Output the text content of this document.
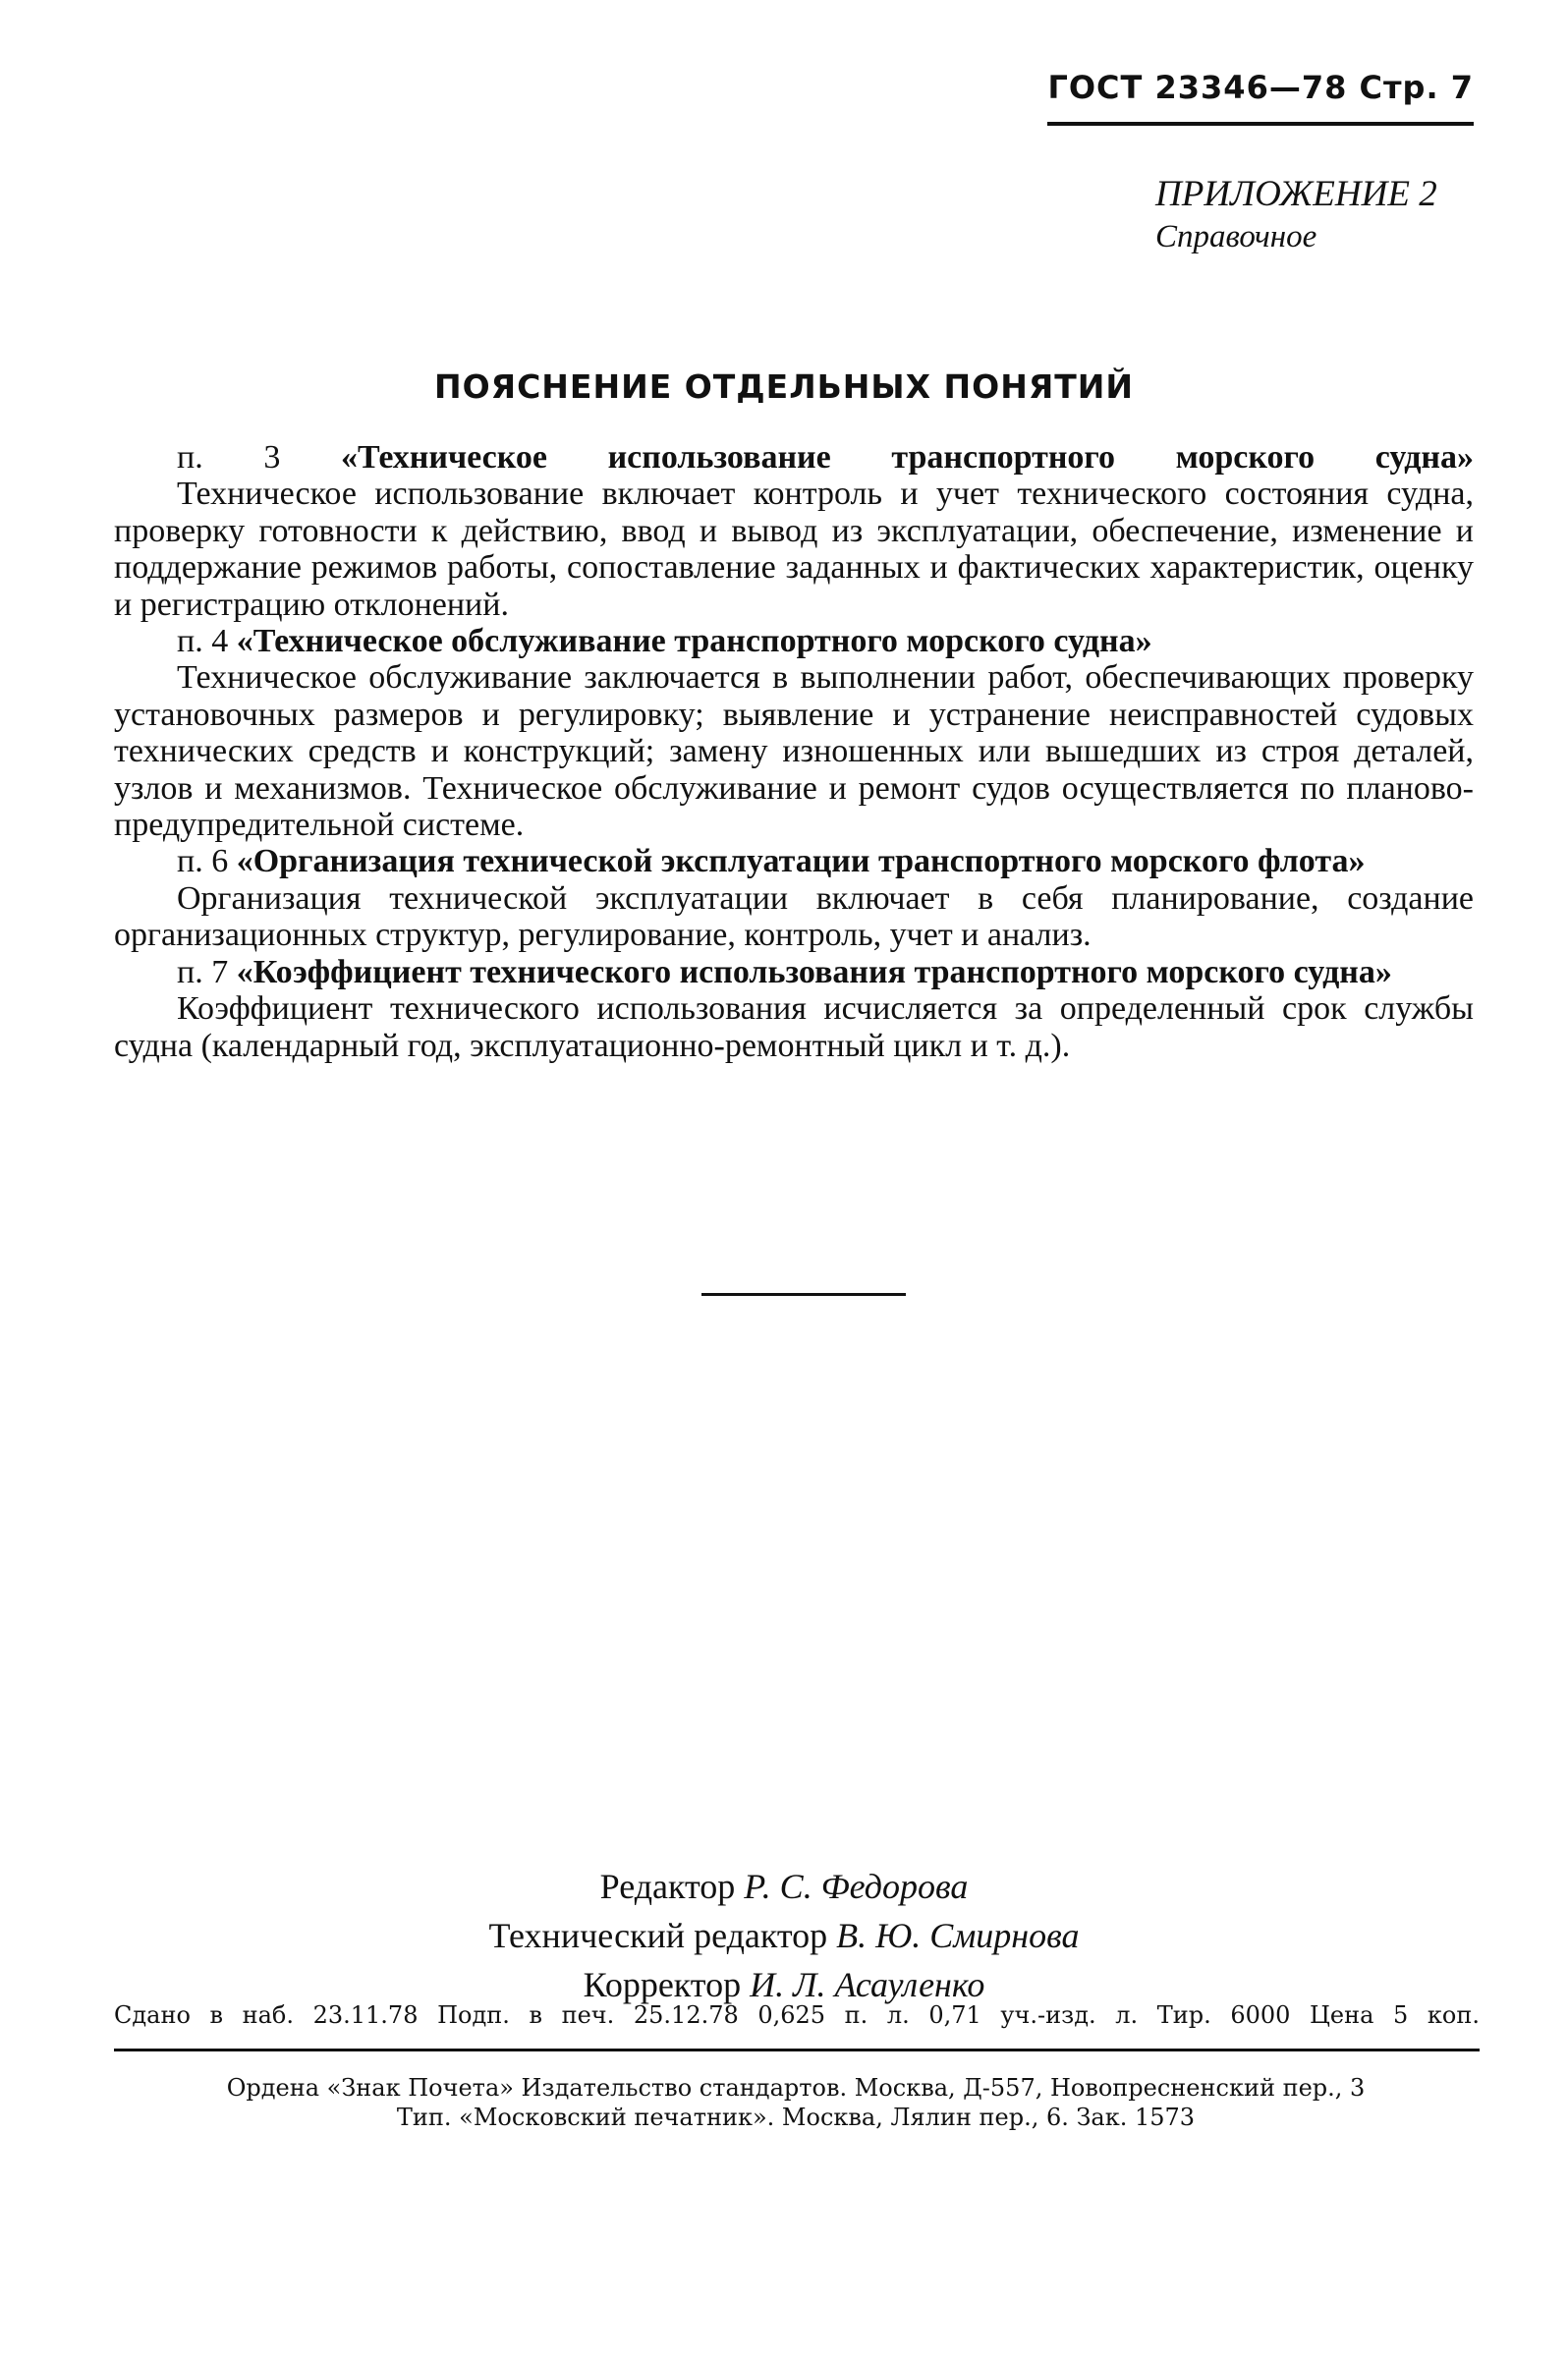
ГОСТ 23346—78 Стр. 7
ПРИЛОЖЕНИЕ 2
Справочное
ПОЯСНЕНИЕ ОТДЕЛЬНЫХ ПОНЯТИЙ

п. 3 «Техническое использование транспортного морского судна»

Техническое использование включает контроль и учет технического состояния судна, проверку готовности к действию, ввод и вывод из эксплуатации, обеспечение, изменение и поддержание режимов работы, сопоставление заданных и фактических характеристик, оценку и регистрацию отклонений.

п. 4 «Техническое обслуживание транспортного морского судна»

Техническое обслуживание заключается в выполнении работ, обеспечивающих проверку установочных размеров и регулировку; выявление и устранение неисправностей судовых технических средств и конструкций; замену изношенных или вышедших из строя деталей, узлов и механизмов. Техническое обслуживание и ремонт судов осуществляется по планово-предупредительной системе.

п. 6 «Организация технической эксплуатации транспортного морского флота»

Организация технической эксплуатации включает в себя планирование, создание организационных структур, регулирование, контроль, учет и анализ.

п. 7 «Коэффициент технического использования транспортного морского судна»

Коэффициент технического использования исчисляется за определенный срок службы судна (календарный год, эксплуатационно-ремонтный цикл и т. д.).

Редактор Р. С. Федорова
Технический редактор В. Ю. Смирнова
Корректор И. Л. Асауленко
Сдано в наб. 23.11.78 Подп. в печ. 25.12.78 0,625 п. л. 0,71 уч.-изд. л. Тир. 6000 Цена 5 коп.
Ордена «Знак Почета» Издательство стандартов. Москва, Д-557, Новопресненский пер., 3
Тип. «Московский печатник». Москва, Лялин пер., 6. Зак. 1573
